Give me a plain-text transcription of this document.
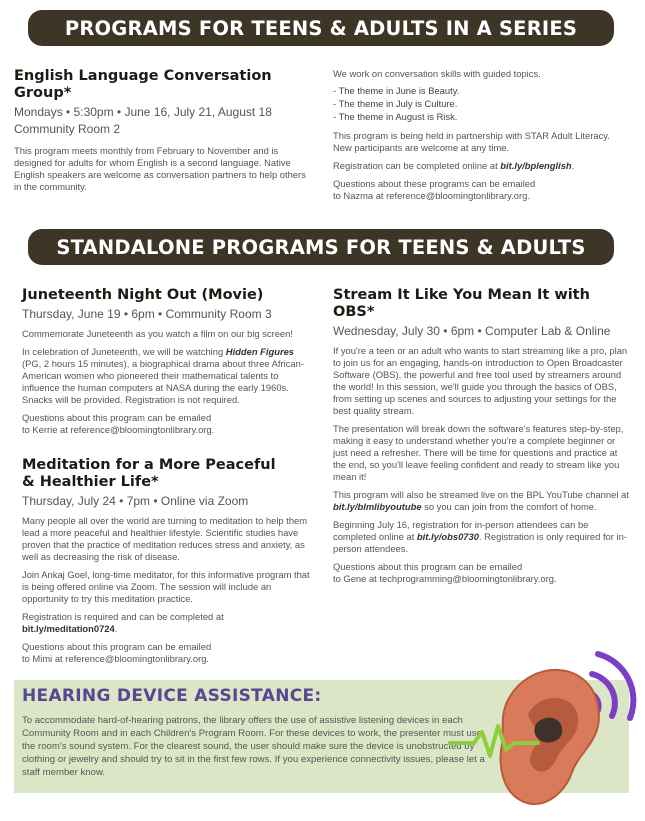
PROGRAMS FOR TEENS & ADULTS IN A SERIES
English Language Conversation Group*
Mondays • 5:30pm • June 16, July 21, August 18
Community Room 2

This program meets monthly from February to November and is designed for adults for whom English is a second language. Native English speakers are welcome as conversation partners to help others in the community.

We work on conversation skills with guided topics.

- The theme in June is Beauty.
- The theme in July is Culture.
- The theme in August is Risk.

This program is being held in partnership with STAR Adult Literacy. New participants are welcome at any time.

Registration can be completed online at bit.ly/bplenglish.

Questions about these programs can be emailed
to Nazma at reference@bloomingtonlibrary.org.

STANDALONE PROGRAMS FOR TEENS & ADULTS
Juneteenth Night Out (Movie)
Thursday, June 19 • 6pm • Community Room 3

Commemorate Juneteenth as you watch a film on our big screen!

In celebration of Juneteenth, we will be watching Hidden Figures (PG, 2 hours 15 minutes), a biographical drama about three African-American women who pioneered their mathematical talents to influence the human computers at NASA during the early 1960s. Snacks will be provided. Registration is not required.

Questions about this program can be emailed
to Kerrie at reference@bloomingtonlibrary.org.

Meditation for a More Peaceful
& Healthier Life*
Thursday, July 24 • 7pm • Online via Zoom

Many people all over the world are turning to meditation to help them lead a more peaceful and healthier lifestyle. Scientific studies have proven that the practice of meditation reduces stress and anxiety, as well as decreasing the risk of disease.

Join Ankaj Goel, long-time meditator, for this informative program that is being offered online via Zoom. The session will include an opportunity to try this meditation practice.

Registration is required and can be completed at bit.ly/meditation0724.

Questions about this program can be emailed
to Mimi at reference@bloomingtonlibrary.org.

Stream It Like You Mean It with OBS*
Wednesday, July 30 • 6pm • Computer Lab & Online

If you're a teen or an adult who wants to start streaming like a pro, plan to join us for an engaging, hands-on introduction to Open Broadcaster Software (OBS), the powerful and free tool used by streamers around the world! In this session, we'll guide you through the basics of OBS, from setting up scenes and sources to adjusting your settings for the best quality stream.

The presentation will break down the software's features step-by-step, making it easy to understand whether you're a complete beginner or just need a refresher. There will be time for questions and practice at the end, so you'll leave feeling confident and ready to stream like you mean it!

This program will also be streamed live on the BPL YouTube channel at bit.ly/blmlibyoutube so you can join from the comfort of home.

Beginning July 16, registration for in-person attendees can be completed online at bit.ly/obs0730. Registration is only required for in-person attendees.

Questions about this program can be emailed
to Gene at techprogramming@bloomingtonlibrary.org.

HEARING DEVICE ASSISTANCE:
To accommodate hard-of-hearing patrons, the library offers the use of assistive listening devices in each Community Room and in each Children's Program Room. For these devices to work, the presenter must use the room's sound system. For the clearest sound, the user should make sure the device is unobstructed by clothing or jewelry and should try to sit in the first few rows. If you experience connectivity issues, please let a staff member know.
